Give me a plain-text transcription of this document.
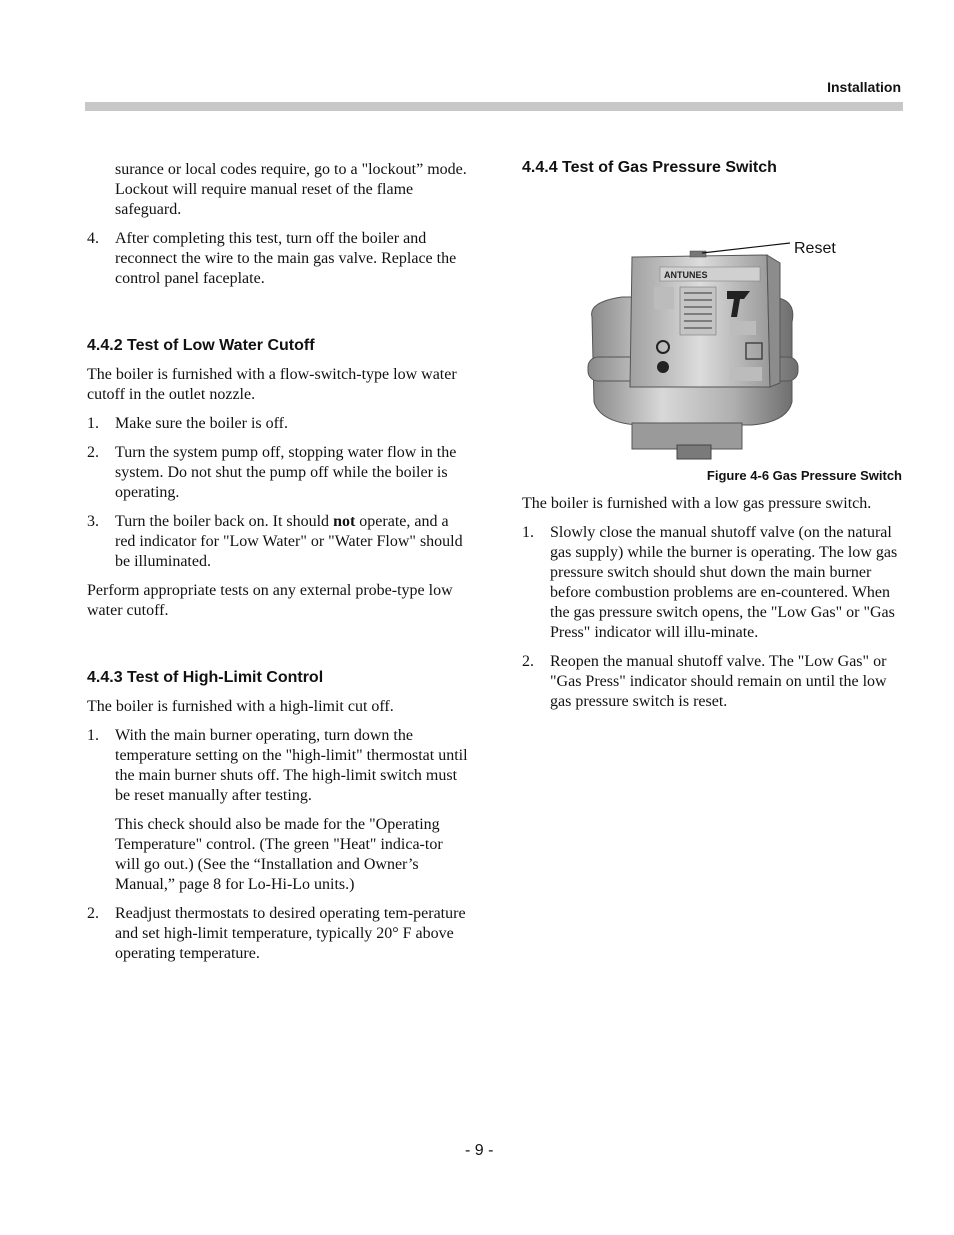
Installation

surance or local codes require, go to a "lockout” mode. Lockout will require manual reset of the flame safeguard.

4.	After completing this test, turn off the boiler and reconnect the wire to the main gas valve. Replace the control panel faceplate.
4.4.2 Test of Low Water Cutoff

The boiler is furnished with a flow-switch-type low water cutoff in the outlet nozzle.

1.	Make sure the boiler is off.
2.	Turn the system pump off, stopping water flow in the system. Do not shut the pump off while the boiler is operating.
3.	Turn the boiler back on. It should not operate, and a red indicator for "Low Water" or "Water Flow" should be illuminated.

Perform appropriate tests on any external probe-type low water cutoff.

4.4.3 Test of High-Limit Control

The boiler is furnished with a high-limit cut off.

1.	With the main burner operating, turn down the temperature setting on the "high-limit" thermostat until the main burner shuts off. The high-limit switch must be reset manually after testing.

This check should also be made for the "Operating Temperature" control. (The green "Heat" indica-tor will go out.) (See the “Installation and Owner’s Manual,” page 8 for Lo-Hi-Lo units.)

2.	Readjust thermostats to desired operating tem-perature and set high-limit temperature, typically 20° F above operating temperature.
4.4.4 Test of Gas Pressure Switch
ANTUNES
Reset
Figure 4-6 Gas Pressure Switch

The boiler is furnished with a low gas pressure switch.

1.	Slowly close the manual shutoff valve (on the natural gas supply) while the burner is operating. The low gas pressure switch should shut down the main burner before combustion problems are en-countered. When the gas pressure switch opens, the "Low Gas" or "Gas Press" indicator will illu-minate.
2.	Reopen the manual shutoff valve. The "Low Gas" or "Gas Press" indicator should remain on until the low gas pressure switch is reset.
- 9 -
